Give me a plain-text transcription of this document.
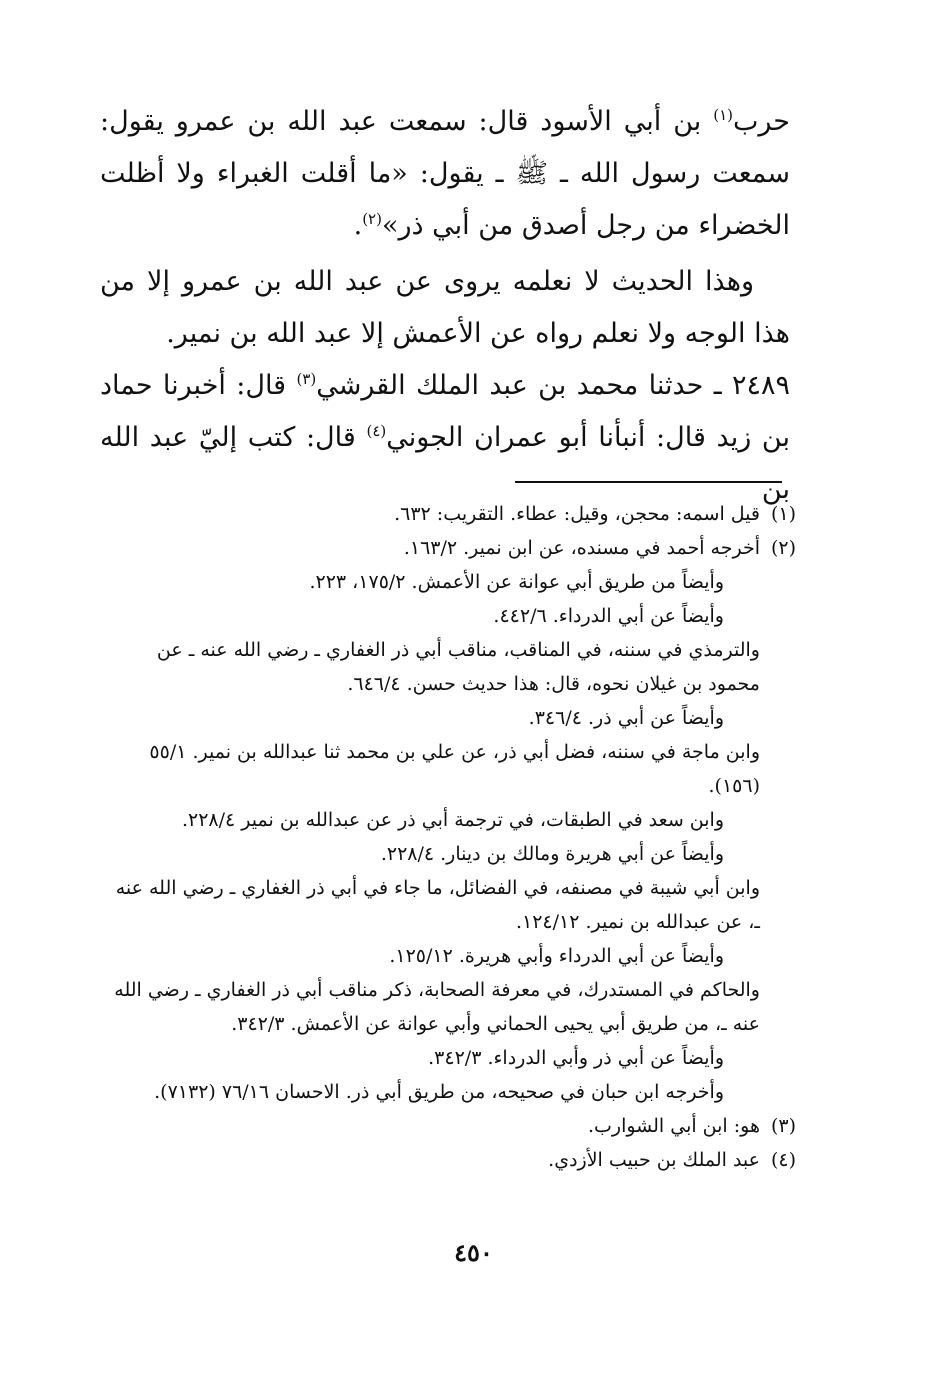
حرب$^{(١)}$ بن أبي الأسود قال: سمعت عبد الله بن عمرو يقول: سمعت رسول الله ـ ﷺ ـ يقول: «ما أقلت الغبراء ولا أظلت الخضراء من رجل أصدق من أبي ذر»$^{(٢)}$.

وهذا الحديث لا نعلمه يروى عن عبد الله بن عمرو إلا من هذا الوجه ولا نعلم رواه عن الأعمش إلا عبد الله بن نمير.

٢٤٨٩ ـ حدثنا محمد بن عبد الملك القرشي$^{(٣)}$ قال: أخبرنا حماد بن زيد قال: أنبأنا أبو عمران الجوني$^{(٤)}$ قال: كتب إليّ عبد الله بن

(١)
قيل اسمه: محجن، وقيل: عطاء. التقريب: ٦٣٢.
(٢)
أخرجه أحمد في مسنده، عن ابن نمير. ١٦٣/٢.
وأيضاً من طريق أبي عوانة عن الأعمش. ١٧٥/٢، ٢٢٣.
وأيضاً عن أبي الدرداء. ٤٤٢/٦.
والترمذي في سننه، في المناقب، مناقب أبي ذر الغفاري ـ رضي الله عنه ـ عن محمود بن غيلان نحوه، قال: هذا حديث حسن. ٦٤٦/٤.
وأيضاً عن أبي ذر. ٣٤٦/٤.
وابن ماجة في سننه، فضل أبي ذر، عن علي بن محمد ثنا عبدالله بن نمير. ٥٥/١ (١٥٦).
وابن سعد في الطبقات، في ترجمة أبي ذر عن عبدالله بن نمير ٢٢٨/٤.
وأيضاً عن أبي هريرة ومالك بن دينار. ٢٢٨/٤.
وابن أبي شيبة في مصنفه، في الفضائل، ما جاء في أبي ذر الغفاري ـ رضي الله عنه ـ، عن عبدالله بن نمير. ١٢٤/١٢.
وأيضاً عن أبي الدرداء وأبي هريرة. ١٢٥/١٢.
والحاكم في المستدرك، في معرفة الصحابة، ذكر مناقب أبي ذر الغفاري ـ رضي الله عنه ـ، من طريق أبي يحيى الحماني وأبي عوانة عن الأعمش. ٣٤٢/٣.
وأيضاً عن أبي ذر وأبي الدرداء. ٣٤٢/٣.
وأخرجه ابن حبان في صحيحه، من طريق أبي ذر. الاحسان ٧٦/١٦ (٧١٣٢).
(٣)
هو: ابن أبي الشوارب.
(٤)
عبد الملك بن حبيب الأزدي.
٤٥٠
